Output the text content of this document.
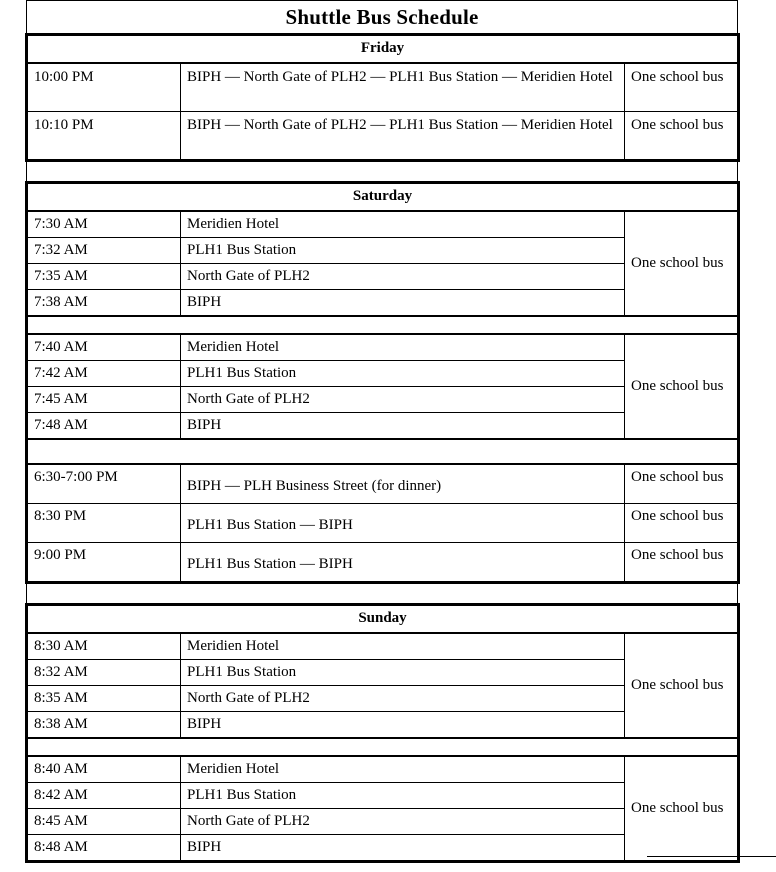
Shuttle Bus Schedule
Friday		
10:00 PM	BIPH — North Gate of PLH2 — PLH1 Bus Station — Meridien Hotel	One school bus
10:10 PM	BIPH — North Gate of PLH2 — PLH1 Bus Station — Meridien Hotel	One school bus
Saturday		
7:30 AM	Meridien Hotel	One school bus
7:32 AM	PLH1 Bus Station	
7:35 AM	North Gate of PLH2	
7:38 AM	BIPH	

7:40 AM	Meridien Hotel	One school bus
7:42 AM	PLH1 Bus Station	
7:45 AM	North Gate of PLH2	
7:48 AM	BIPH	

6:30-7:00 PM	BIPH — PLH Business Street (for dinner)	One school bus
8:30 PM	PLH1 Bus Station — BIPH	One school bus
9:00 PM	PLH1 Bus Station — BIPH	One school bus
Sunday		
8:30 AM	Meridien Hotel	One school bus
8:32 AM	PLH1 Bus Station	
8:35 AM	North Gate of PLH2	
8:38 AM	BIPH	

8:40 AM	Meridien Hotel	One school bus
8:42 AM	PLH1 Bus Station	
8:45 AM	North Gate of PLH2	
8:48 AM	BIPH	
